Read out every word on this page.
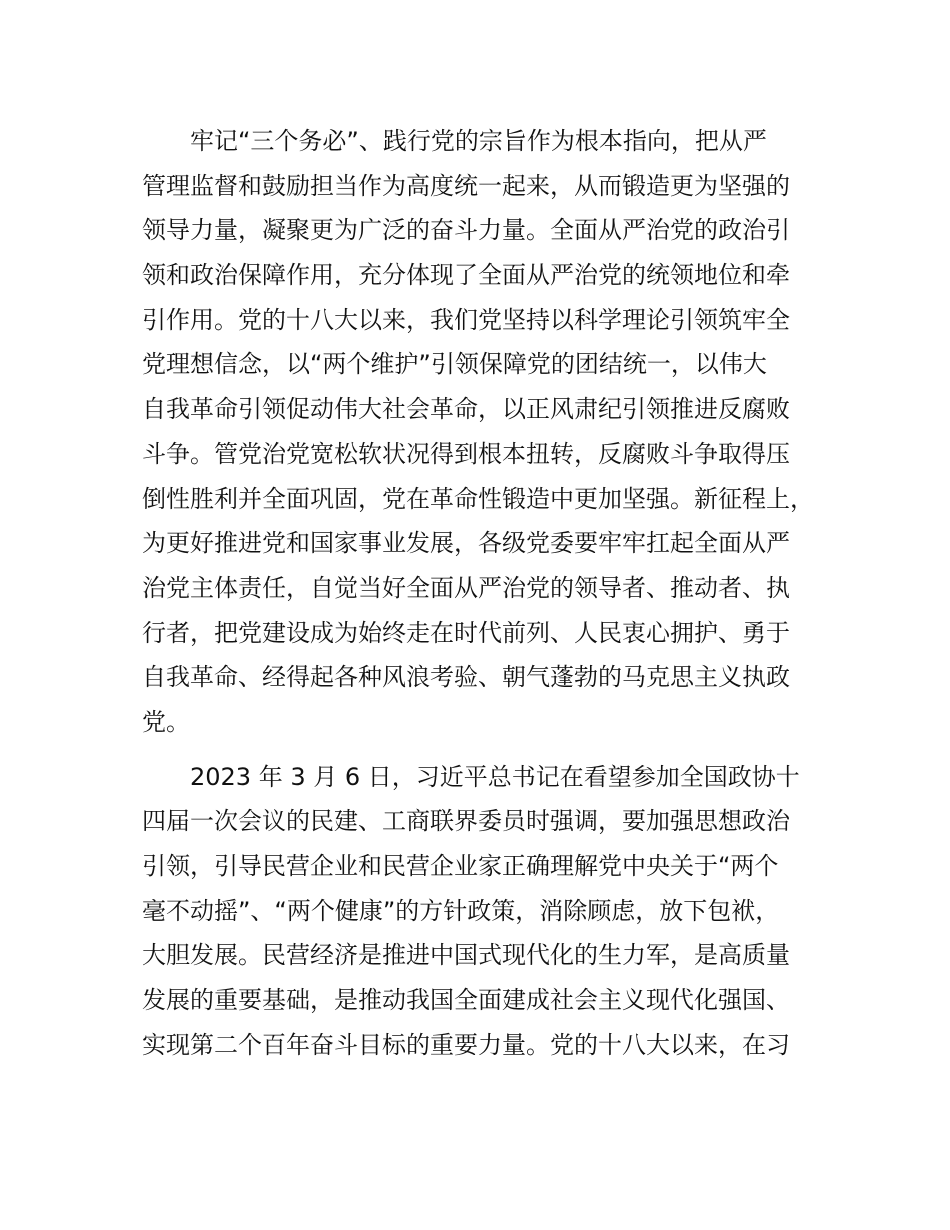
牢记“三个务必”、践行党的宗旨作为根本指向，把从严
管理监督和鼓励担当作为高度统一起来，从而锻造更为坚强的
领导力量，凝聚更为广泛的奋斗力量。全面从严治党的政治引
领和政治保障作用，充分体现了全面从严治党的统领地位和牵
引作用。党的十八大以来，我们党坚持以科学理论引领筑牢全
党理想信念，以“两个维护”引领保障党的团结统一，以伟大
自我革命引领促动伟大社会革命，以正风肃纪引领推进反腐败
斗争。管党治党宽松软状况得到根本扭转，反腐败斗争取得压
倒性胜利并全面巩固，党在革命性锻造中更加坚强。新征程上，
为更好推进党和国家事业发展，各级党委要牢牢扛起全面从严
治党主体责任，自觉当好全面从严治党的领导者、推动者、执
行者，把党建设成为始终走在时代前列、人民衷心拥护、勇于
自我革命、经得起各种风浪考验、朝气蓬勃的马克思主义执政
党。
2023 年 3 月 6 日，习近平总书记在看望参加全国政协十
四届一次会议的民建、工商联界委员时强调，要加强思想政治
引领，引导民营企业和民营企业家正确理解党中央关于“两个
毫不动摇”、“两个健康”的方针政策，消除顾虑，放下包袱，
大胆发展。民营经济是推进中国式现代化的生力军，是高质量
发展的重要基础，是推动我国全面建成社会主义现代化强国、
实现第二个百年奋斗目标的重要力量。党的十八大以来，在习
